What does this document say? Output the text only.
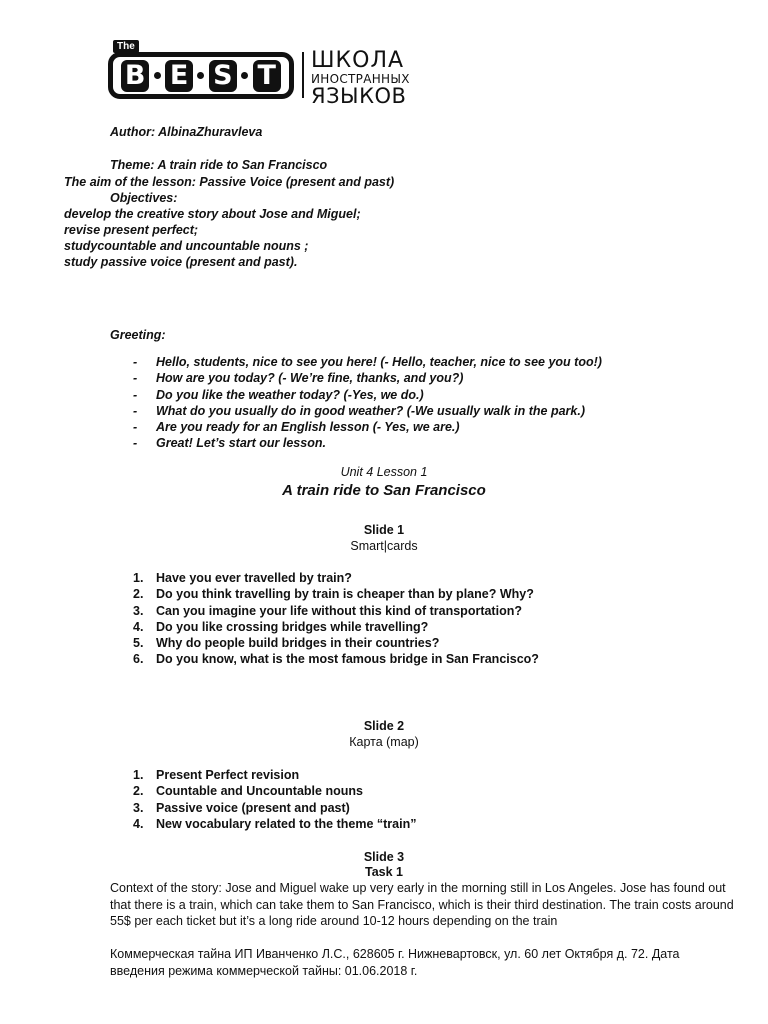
The
B E S T ШКОЛА
ИНОСТРАННЫХ
ЯЗЫКОВ
Author: AlbinaZhuravleva
Theme: A train ride to San Francisco
The aim of the lesson: Passive Voice (present and past)
Objectives:
develop the creative story about Jose and Miguel;
revise present perfect;
studycountable and uncountable nouns ;
study passive voice (present and past).
Greeting:
-	Hello, students, nice to see you here! (- Hello, teacher, nice to see you too!)
-	How are you today? (- We’re fine, thanks, and you?)
-	Do you like the weather today? (-Yes, we do.)
-	What do you usually do in good weather? (-We usually walk in the park.)
-	Are you ready for an English lesson (- Yes, we are.)
-	Great! Let’s start our lesson.
Unit 4 Lesson 1
A train ride to San Francisco
Slide 1
Smart|cards
1.	Have you ever travelled by train?
2.	Do you think travelling by train is cheaper than by plane? Why?
3.	Can you imagine your life without this kind of transportation?
4.	Do you like crossing bridges while travelling?
5.	Why do people build bridges in their countries?
6.	Do you know, what is the most famous bridge in San Francisco?
Slide 2
Карта (map)
1.	Present Perfect revision
2.	Countable and Uncountable nouns
3.	Passive voice (present and past)
4.	New vocabulary related to the theme “train”
Slide 3
Task 1
Context of the story: Jose and Miguel wake up very early in the morning still in Los Angeles. Jose has found out that there is a train, which can take them to San Francisco, which is their third destination. The train costs around 55$ per each ticket but it’s a long ride around 10-12 hours depending on the train
Коммерческая тайна ИП Иванченко Л.С., 628605 г. Нижневартовск, ул. 60 лет Октября д. 72. Дата введения режима коммерческой тайны: 01.06.2018 г.
